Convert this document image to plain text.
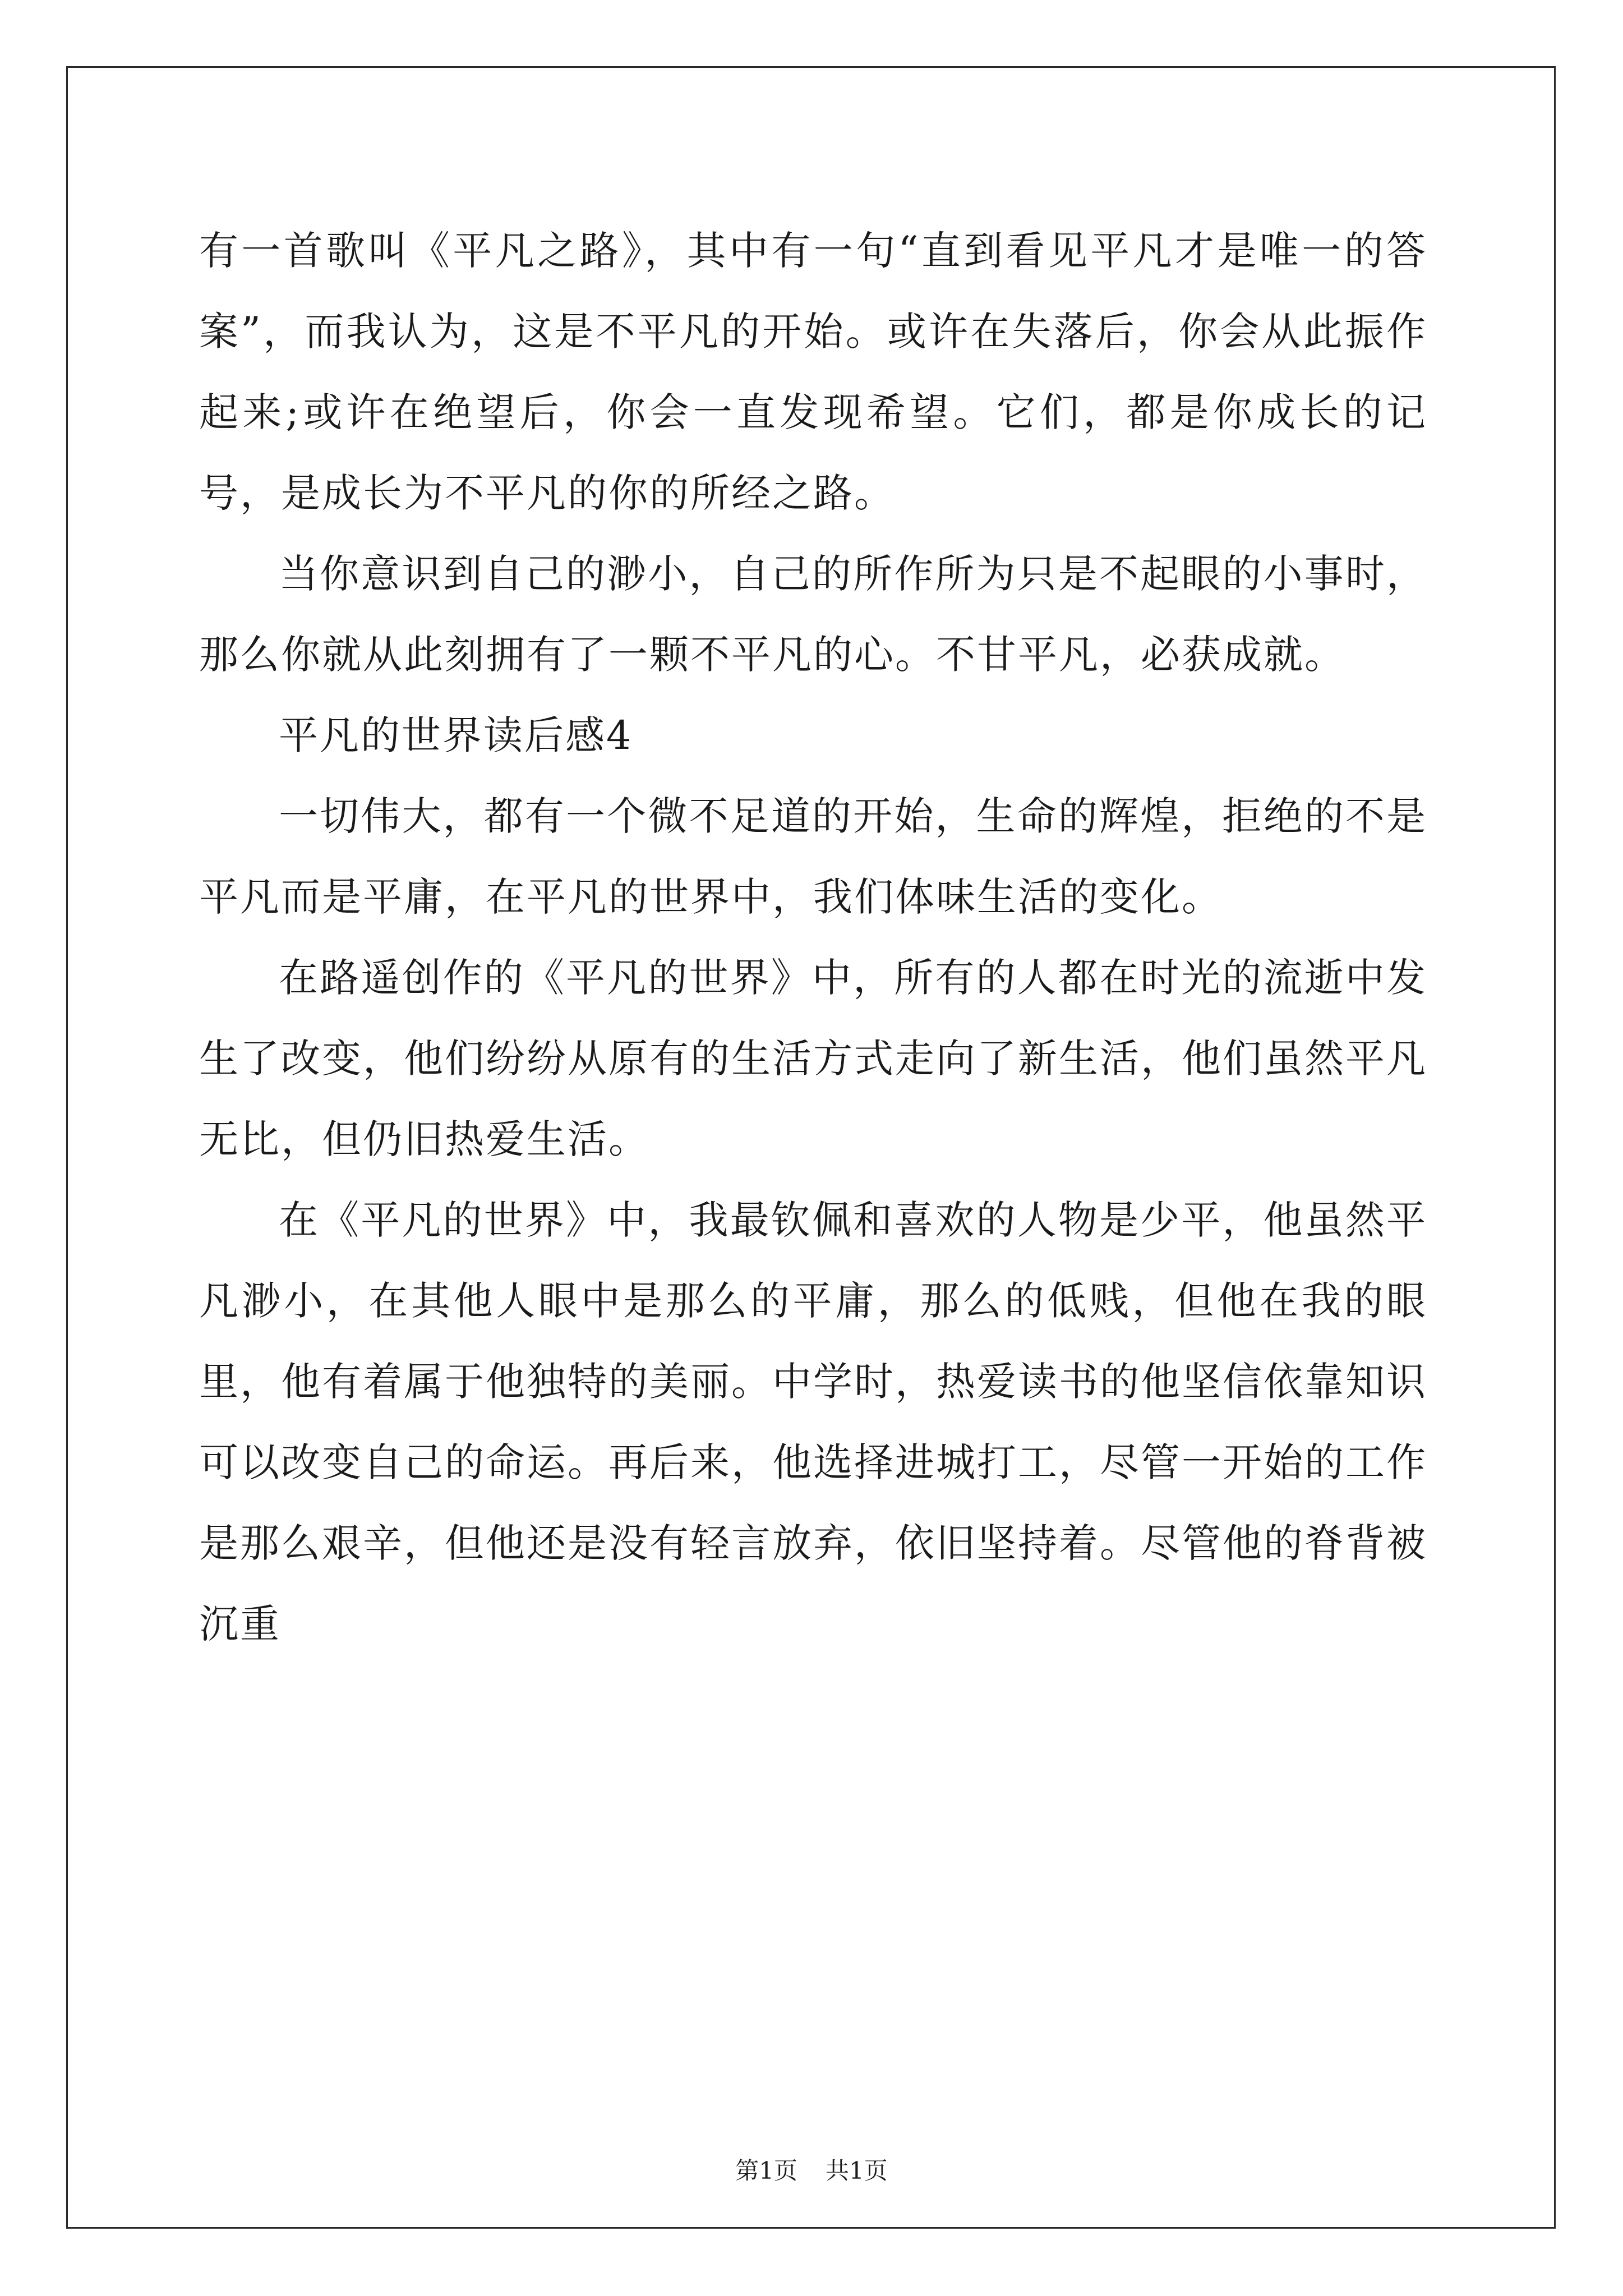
有一首歌叫《平凡之路》，其中有一句“直到看见平凡才是唯一的答案”，而我认为，这是不平凡的开始。或许在失落后，你会从此振作起来;或许在绝望后，你会一直发现希望。它们，都是你成长的记号，是成长为不平凡的你的所经之路。

当你意识到自己的渺小，自己的所作所为只是不起眼的小事时，那么你就从此刻拥有了一颗不平凡的心。不甘平凡，必获成就。

平凡的世界读后感4

一切伟大，都有一个微不足道的开始，生命的辉煌，拒绝的不是平凡而是平庸，在平凡的世界中，我们体味生活的变化。

在路遥创作的《平凡的世界》中，所有的人都在时光的流逝中发生了改变，他们纷纷从原有的生活方式走向了新生活，他们虽然平凡无比，但仍旧热爱生活。

在《平凡的世界》中，我最钦佩和喜欢的人物是少平，他虽然平凡渺小，在其他人眼中是那么的平庸，那么的低贱，但他在我的眼里，他有着属于他独特的美丽。中学时，热爱读书的他坚信依靠知识可以改变自己的命运。再后来，他选择进城打工，尽管一开始的工作是那么艰辛，但他还是没有轻言放弃，依旧坚持着。尽管他的脊背被沉重

第1页 共1页
